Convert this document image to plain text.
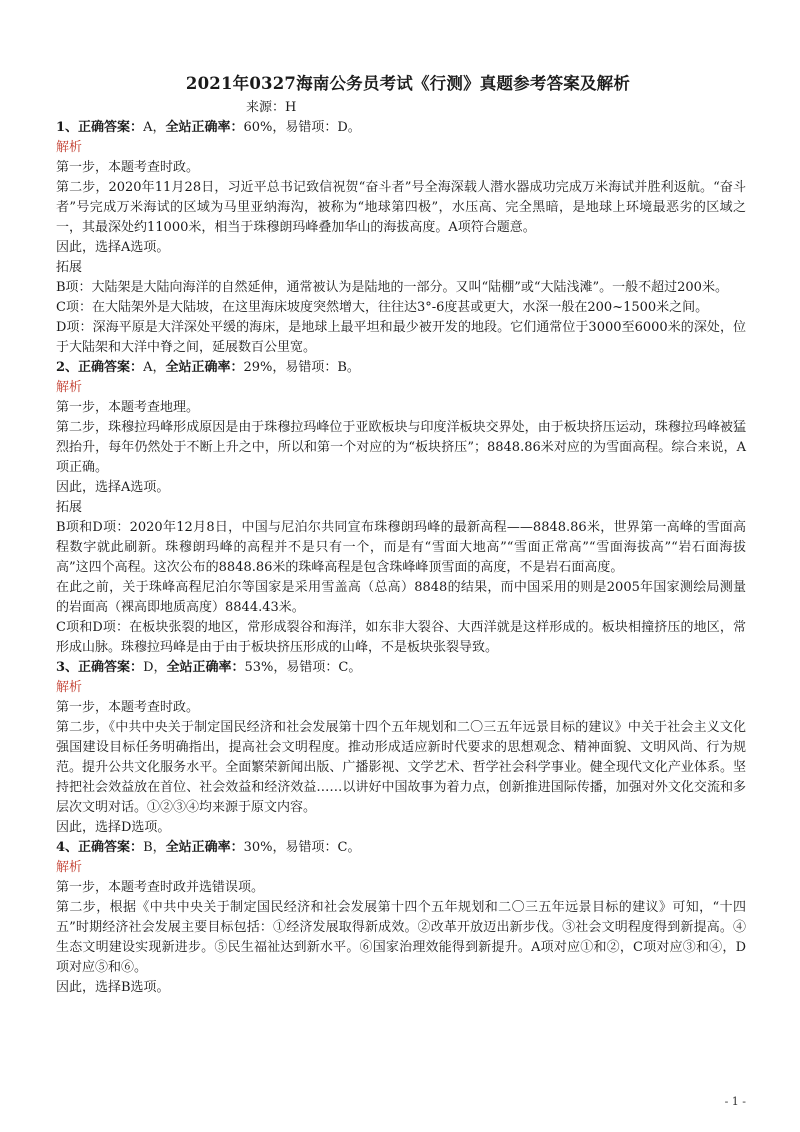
2021年0327海南公务员考试《行测》真题参考答案及解析
来源：H
1、正确答案：A，全站正确率：60%，易错项：D。
解析

第一步，本题考查时政。

第二步，2020年11月28日，习近平总书记致信祝贺“奋斗者”号全海深载人潜水器成功完成万米海试并胜利返航。“奋斗者”号完成万米海试的区域为马里亚纳海沟，被称为“地球第四极”，水压高、完全黑暗，是地球上环境最恶劣的区域之一，其最深处约11000米，相当于珠穆朗玛峰叠加华山的海拔高度。A项符合题意。

因此，选择A选项。

拓展

B项：大陆架是大陆向海洋的自然延伸，通常被认为是陆地的一部分。又叫“陆棚”或“大陆浅滩”。一般不超过200米。

C项：在大陆架外是大陆坡，在这里海床坡度突然增大，往往达3°-6度甚或更大，水深一般在200~1500米之间。

D项：深海平原是大洋深处平缓的海床，是地球上最平坦和最少被开发的地段。它们通常位于3000至6000米的深处，位于大陆架和大洋中脊之间，延展数百公里宽。

2、正确答案：A，全站正确率：29%，易错项：B。
解析

第一步，本题考查地理。

第二步，珠穆拉玛峰形成原因是由于珠穆拉玛峰位于亚欧板块与印度洋板块交界处，由于板块挤压运动，珠穆拉玛峰被猛烈抬升，每年仍然处于不断上升之中，所以和第一个对应的为“板块挤压”；8848.86米对应的为雪面高程。综合来说，A项正确。

因此，选择A选项。

拓展

B项和D项：2020年12月8日，中国与尼泊尔共同宣布珠穆朗玛峰的最新高程——8848.86米，世界第一高峰的雪面高程数字就此刷新。珠穆朗玛峰的高程并不是只有一个，而是有“雪面大地高”“雪面正常高”“雪面海拔高”“岩石面海拔高”这四个高程。这次公布的8848.86米的珠峰高程是包含珠峰峰顶雪面的高度，不是岩石面高度。

在此之前，关于珠峰高程尼泊尔等国家是采用雪盖高（总高）8848的结果，而中国采用的则是2005年国家测绘局测量的岩面高（裸高即地质高度）8844.43米。

C项和D项：在板块张裂的地区，常形成裂谷和海洋，如东非大裂谷、大西洋就是这样形成的。板块相撞挤压的地区，常形成山脉。珠穆拉玛峰是由于由于板块挤压形成的山峰，不是板块张裂导致。

3、正确答案：D，全站正确率：53%，易错项：C。
解析

第一步，本题考查时政。

第二步，《中共中央关于制定国民经济和社会发展第十四个五年规划和二〇三五年远景目标的建议》中关于社会主义文化强国建设目标任务明确指出，提高社会文明程度。推动形成适应新时代要求的思想观念、精神面貌、文明风尚、行为规范。提升公共文化服务水平。全面繁荣新闻出版、广播影视、文学艺术、哲学社会科学事业。健全现代文化产业体系。坚持把社会效益放在首位、社会效益和经济效益……以讲好中国故事为着力点，创新推进国际传播，加强对外文化交流和多层次文明对话。①②③④均来源于原文内容。

因此，选择D选项。

4、正确答案：B，全站正确率：30%，易错项：C。
解析

第一步，本题考查时政并选错误项。

第二步，根据《中共中央关于制定国民经济和社会发展第十四个五年规划和二〇三五年远景目标的建议》可知，“十四五”时期经济社会发展主要目标包括：①经济发展取得新成效。②改革开放迈出新步伐。③社会文明程度得到新提高。④生态文明建设实现新进步。⑤民生福祉达到新水平。⑥国家治理效能得到新提升。A项对应①和②，C项对应③和④，D项对应⑤和⑥。

因此，选择B选项。

- 1 -
